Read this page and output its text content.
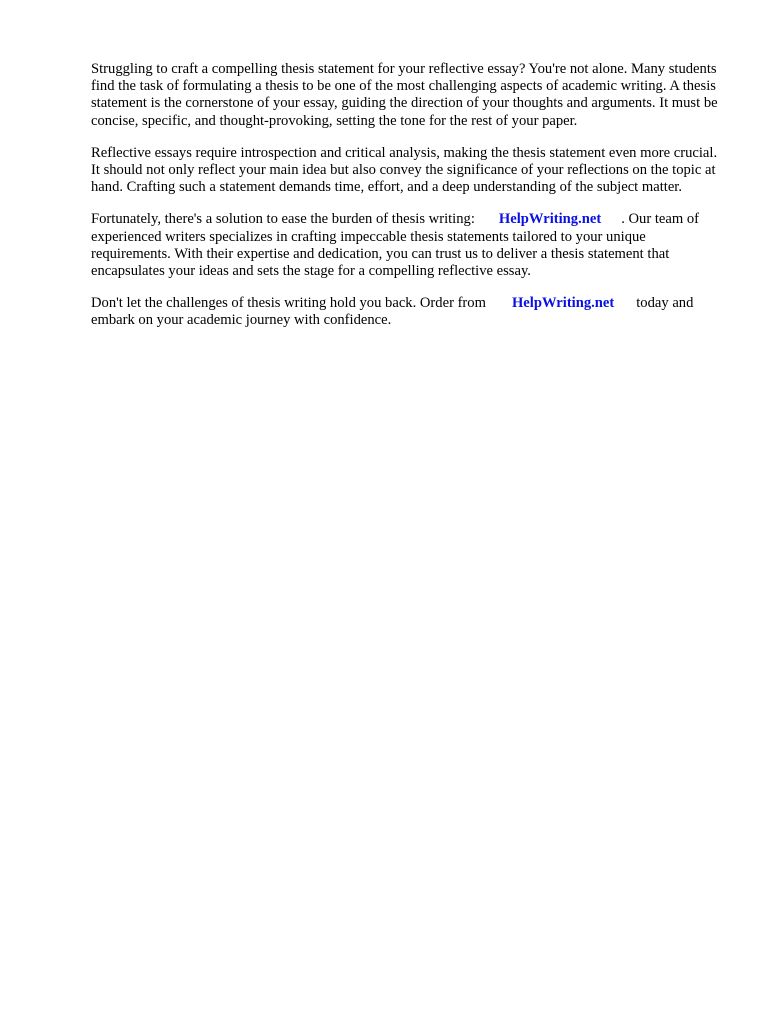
Struggling to craft a compelling thesis statement for your reflective essay? You're not alone. Many students find the task of formulating a thesis to be one of the most challenging aspects of academic writing. A thesis statement is the cornerstone of your essay, guiding the direction of your thoughts and arguments. It must be concise, specific, and thought-provoking, setting the tone for the rest of your paper.

Reflective essays require introspection and critical analysis, making the thesis statement even more crucial. It should not only reflect your main idea but also convey the significance of your reflections on the topic at hand. Crafting such a statement demands time, effort, and a deep understanding of the subject matter.

Fortunately, there's a solution to ease the burden of thesis writing: HelpWriting.net . Our team of experienced writers specializes in crafting impeccable thesis statements tailored to your unique requirements. With their expertise and dedication, you can trust us to deliver a thesis statement that encapsulates your ideas and sets the stage for a compelling reflective essay.

Don't let the challenges of thesis writing hold you back. Order from HelpWriting.net today and embark on your academic journey with confidence.
